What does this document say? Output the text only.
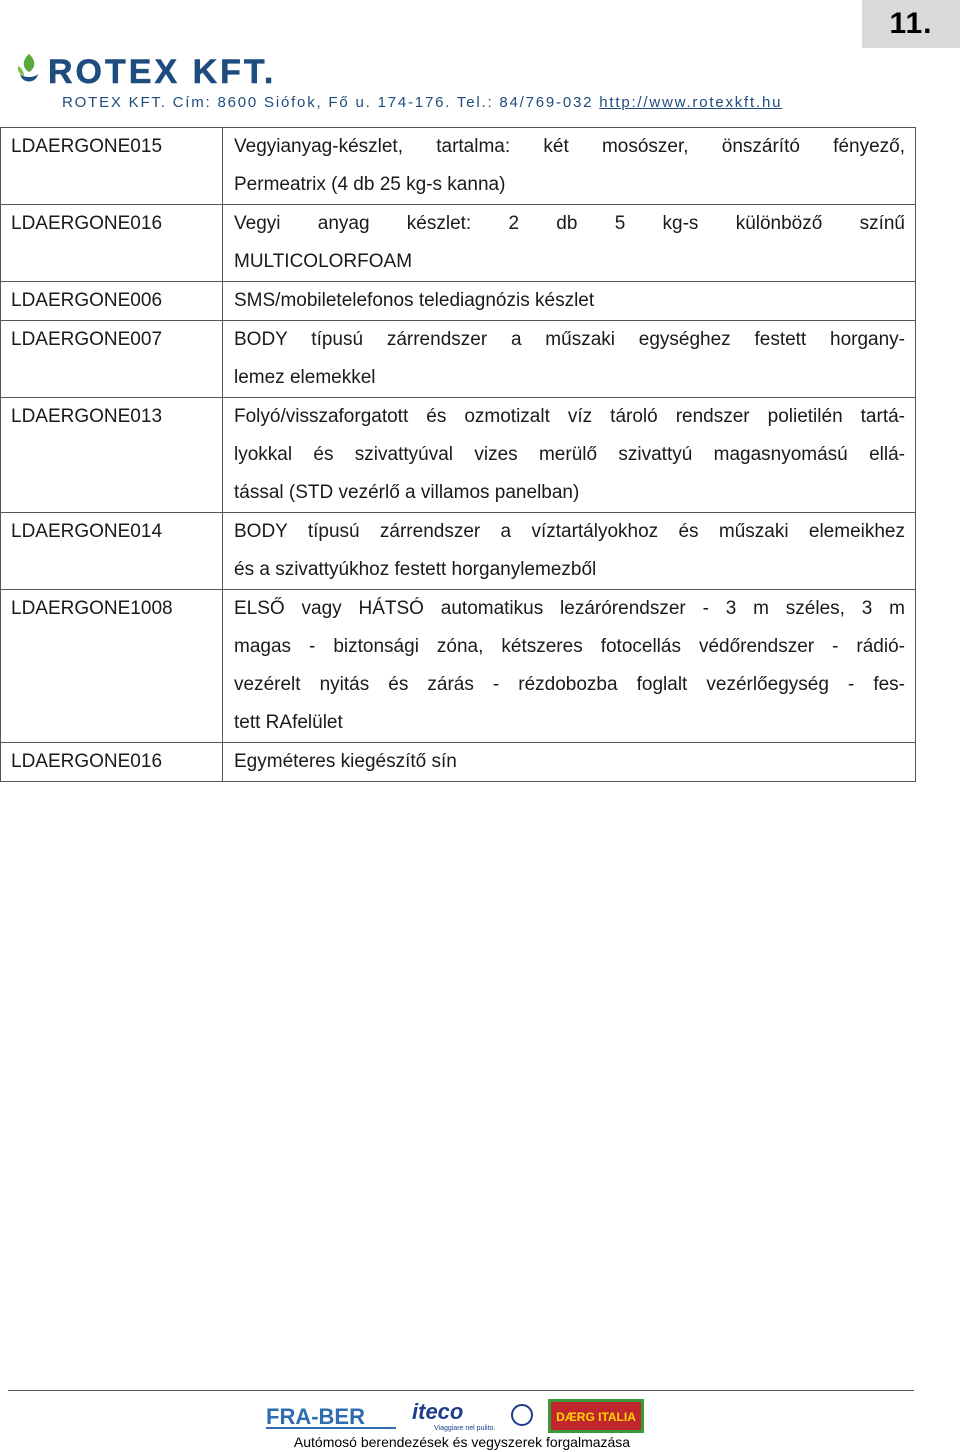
11.
ROTEX KFT.
ROTEX KFT. Cím: 8600 Siófok, Fő u. 174-176. Tel.: 84/769-032 http://www.rotexkft.hu
LDAERGONE015	Vegyianyag-készlet, tartalma: két mosószer, önszárító fényező,
Permeatrix (4 db 25 kg-s kanna)

LDAERGONE016	Vegyi anyag készlet: 2 db 5 kg-s különböző színű
MULTICOLORFOAM

LDAERGONE006	SMS/mobiletelefonos telediagnózis készlet

LDAERGONE007	BODY típusú zárrendszer a műszaki egységhez festett horgany-
lemez elemekkel

LDAERGONE013	Folyó/visszaforgatott és ozmotizalt víz tároló rendszer polietilén tartá-
lyokkal és szivattyúval vizes merülő szivattyú magasnyomású ellá-
tással (STD vezérlő a villamos panelban)

LDAERGONE014	BODY típusú zárrendszer a víztartályokhoz és műszaki elemeikhez
és a szivattyúkhoz festett horganylemezből

LDAERGONE1008	ELSŐ vagy HÁTSÓ automatikus lezárórendszer - 3 m széles, 3 m
magas - biztonsági zóna, kétszeres fotocellás védőrendszer - rádió-
vezérelt nyitás és zárás - rézdobozba foglalt vezérlőegység - fes-
tett RAfelület

LDAERGONE016	Egyméteres kiegészítő sín
FRA-BER iteco
Viaggiare nel pulito.
DÆRG ITALIA
Autómosó berendezések és vegyszerek forgalmazása
